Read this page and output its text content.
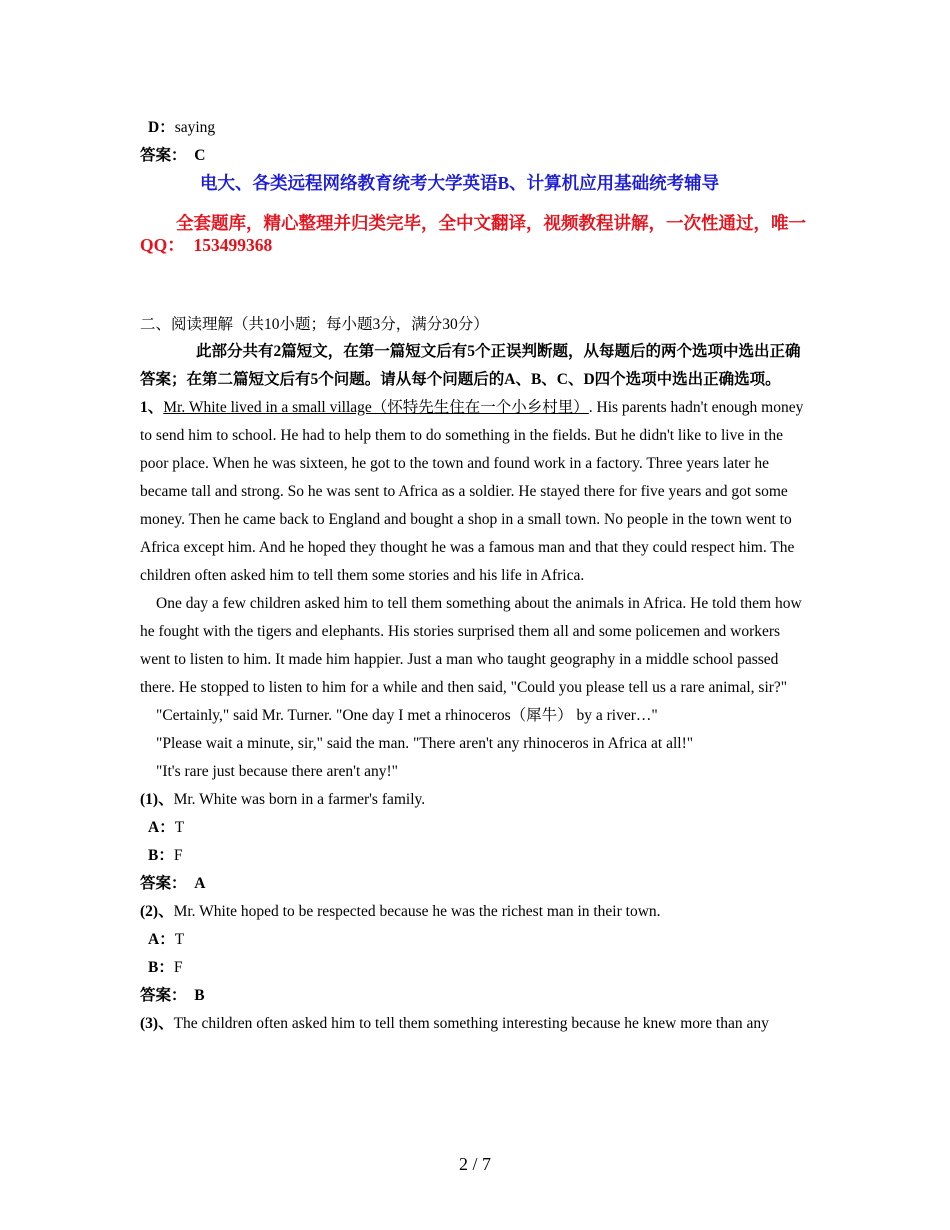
D：saying
答案： C
电大、各类远程网络教育统考大学英语B、计算机应用基础统考辅导
全套题库，精心整理并归类完毕，全中文翻译，视频教程讲解，一次性通过，唯一QQ：　153499368
二、阅读理解（共10小题；每小题3分，满分30分）
此部分共有2篇短文，在第一篇短文后有5个正误判断题，从每题后的两个选项中选出正确答案；在第二篇短文后有5个问题。请从每个问题后的A、B、C、D四个选项中选出正确选项。
1、Mr. White lived in a small village（怀特先生住在一个小乡村里）. His parents hadn't enough money to send him to school. He had to help them to do something in the fields. But he didn't like to live in the poor place. When he was sixteen, he got to the town and found work in a factory. Three years later he became tall and strong. So he was sent to Africa as a soldier. He stayed there for five years and got some money. Then he came back to England and bought a shop in a small town. No people in the town went to Africa except him. And he hoped they thought he was a famous man and that they could respect him. The children often asked him to tell them some stories and his life in Africa.
One day a few children asked him to tell them something about the animals in Africa. He told them how he fought with the tigers and elephants. His stories surprised them all and some policemen and workers went to listen to him. It made him happier. Just a man who taught geography in a middle school passed there. He stopped to listen to him for a while and then said, "Could you please tell us a rare animal, sir?"
"Certainly," said Mr. Turner. "One day I met a rhinoceros（犀牛） by a river…"
"Please wait a minute, sir," said the man. "There aren't any rhinoceros in Africa at all!"
"It's rare just because there aren't any!"
(1)、Mr. White was born in a farmer's family.
A：T
B：F
答案： A
(2)、Mr. White hoped to be respected because he was the richest man in their town.
A：T
B：F
答案： B
(3)、The children often asked him to tell them something interesting because he knew more than any
2 / 7
